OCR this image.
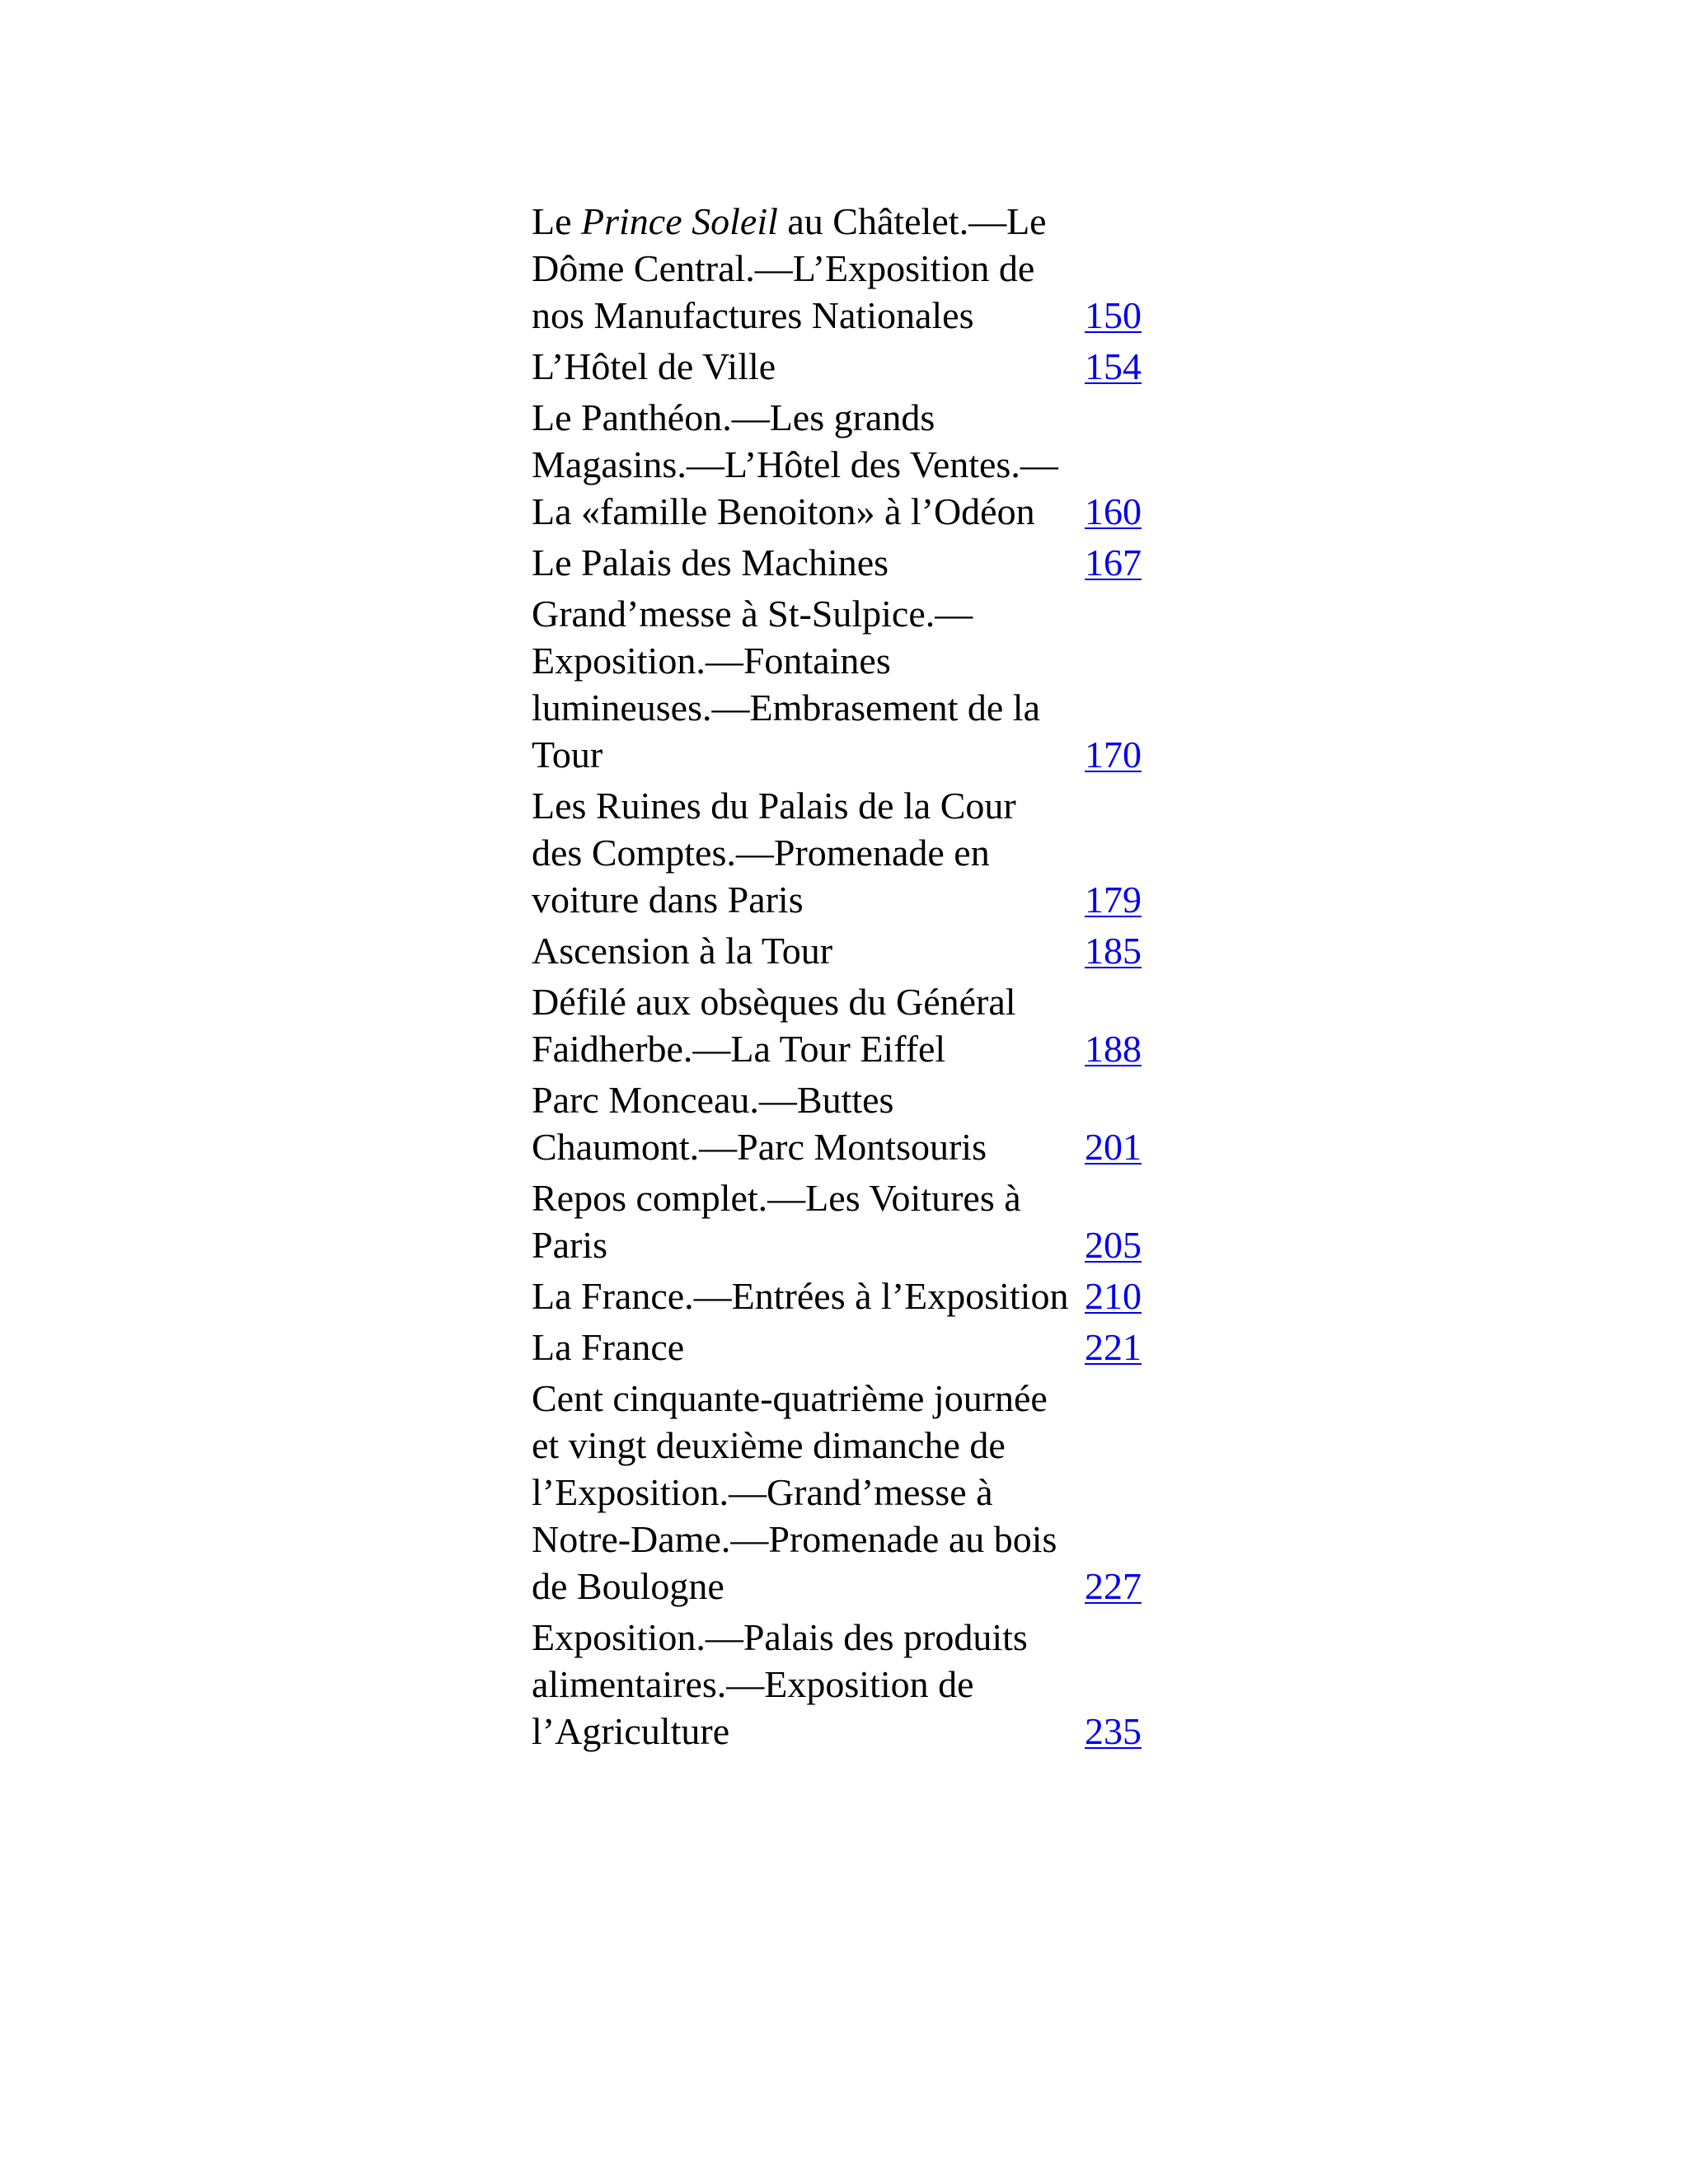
Le Prince Soleil au Châtelet.—Le Dôme Central.—L’Exposition de nos Manufactures Nationales	150
L’Hôtel de Ville	154
Le Panthéon.—Les grands Magasins.—L’Hôtel des Ventes.—La «famille Benoiton» à l’Odéon	160
Le Palais des Machines	167
Grand’messe à St-Sulpice.—Exposition.—Fontaines lumineuses.—Embrasement de la Tour	170
Les Ruines du Palais de la Cour des Comptes.—Promenade en voiture dans Paris	179
Ascension à la Tour	185
Défilé aux obsèques du Général Faidherbe.—La Tour Eiffel	188
Parc Monceau.—Buttes Chaumont.—Parc Montsouris	201
Repos complet.—Les Voitures à Paris	205
La France.—Entrées à l’Exposition	210
La France	221
Cent cinquante-quatrième journée et vingt deuxième dimanche de l’Exposition.—Grand’messe à Notre-Dame.—Promenade au bois de Boulogne	227
Exposition.—Palais des produits alimentaires.—Exposition de l’Agriculture	235
